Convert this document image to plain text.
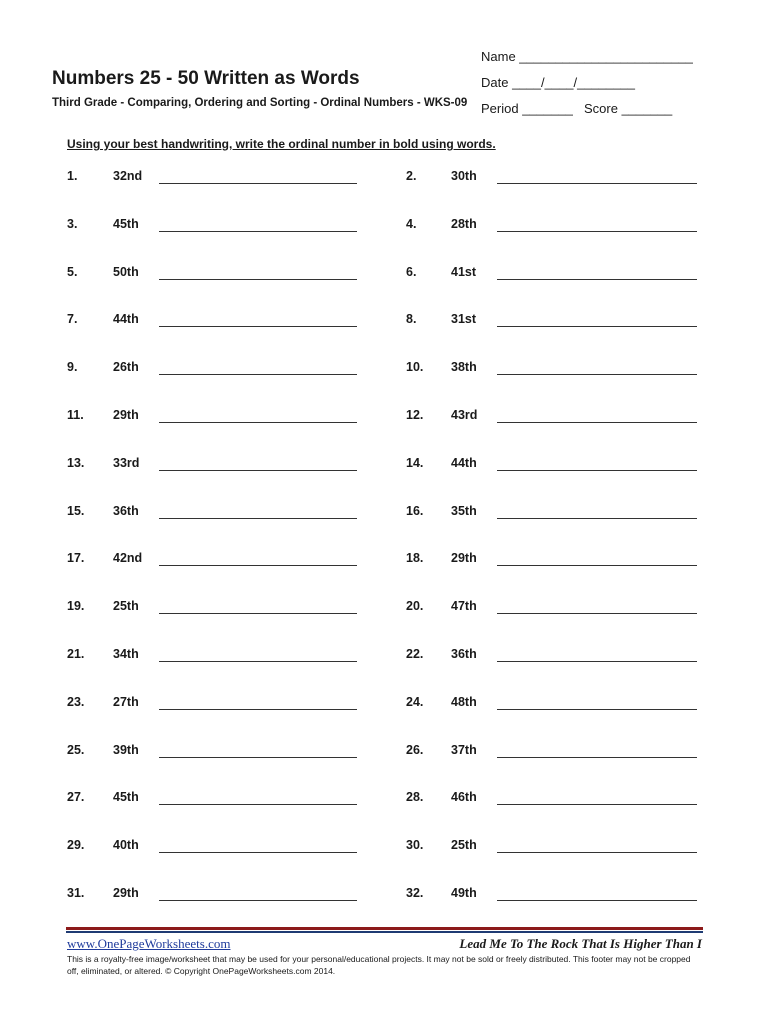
Numbers 25 - 50 Written as Words
Third Grade - Comparing, Ordering and Sorting - Ordinal Numbers - WKS-09
Name ________________________
Date ____/____/________
Period _______ Score _______
Using your best handwriting, write the ordinal number in bold using words.
1.	32nd	2.	30th
3.	45th	4.	28th
5.	50th	6.	41st
7.	44th	8.	31st
9.	26th	10. 38th
11. 29th	12. 43rd
13. 33rd	14. 44th
15. 36th	16. 35th
17. 42nd	18. 29th
19. 25th	20. 47th
21. 34th	22. 36th
23. 27th	24. 48th
25. 39th	26. 37th
27. 45th	28. 46th
29. 40th	30. 25th
31. 29th	32. 49th
www.OnePageWorksheets.com	Lead Me To The Rock That Is Higher Than I
This is a royalty-free image/worksheet that may be used for your personal/educational projects. It may not be sold or freely distributed. This footer may not be cropped off, eliminated, or altered. © Copyright OnePageWorksheets.com 2014.
